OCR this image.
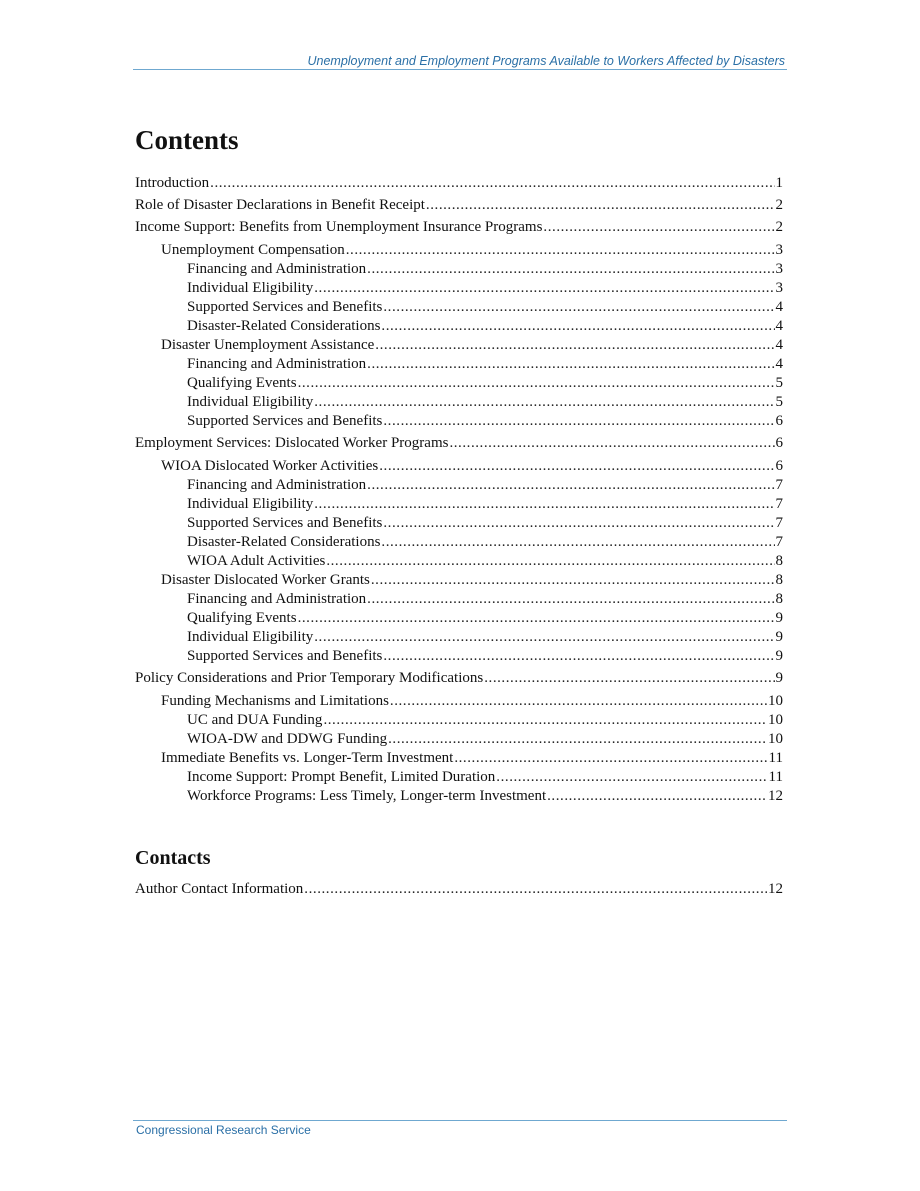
Unemployment and Employment Programs Available to Workers Affected by Disasters
Contents
Introduction . . .	1
Role of Disaster Declarations in Benefit Receipt . . .	2
Income Support: Benefits from Unemployment Insurance Programs . . .	2
Unemployment Compensation . . .	3
Financing and Administration . . .	3
Individual Eligibility . . .	3
Supported Services and Benefits . . .	4
Disaster-Related Considerations . . .	4
Disaster Unemployment Assistance . . .	4
Financing and Administration . . .	4
Qualifying Events . . .	5
Individual Eligibility . . .	5
Supported Services and Benefits . . .	6
Employment Services: Dislocated Worker Programs . . .	6
WIOA Dislocated Worker Activities . . .	6
Financing and Administration . . .	7
Individual Eligibility . . .	7
Supported Services and Benefits . . .	7
Disaster-Related Considerations . . .	7
WIOA Adult Activities . . .	8
Disaster Dislocated Worker Grants . . .	8
Financing and Administration . . .	8
Qualifying Events . . .	9
Individual Eligibility . . .	9
Supported Services and Benefits . . .	9
Policy Considerations and Prior Temporary Modifications . . .	9
Funding Mechanisms and Limitations . . .	10
UC and DUA Funding . . .	10
WIOA-DW and DDWG Funding . . .	10
Immediate Benefits vs. Longer-Term Investment . . .	11
Income Support: Prompt Benefit, Limited Duration . . .	11
Workforce Programs: Less Timely, Longer-term Investment . . .	12
Contacts
Author Contact Information . . .	12
Congressional Research Service
